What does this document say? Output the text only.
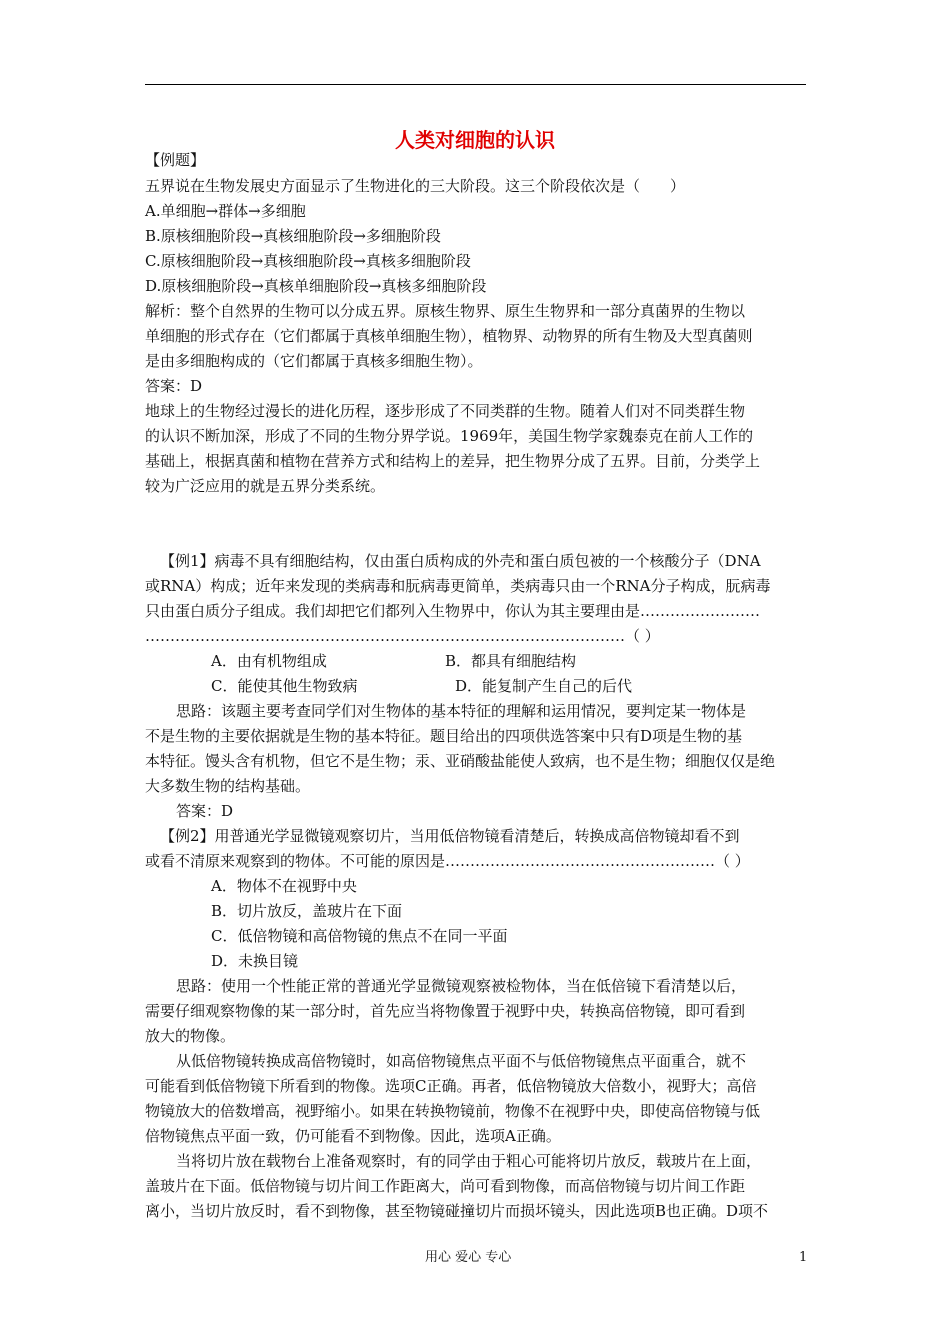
人类对细胞的认识
【例题】
五界说在生物发展史方面显示了生物进化的三大阶段。这三个阶段依次是（　　）
A.单细胞→群体→多细胞
B.原核细胞阶段→真核细胞阶段→多细胞阶段
C.原核细胞阶段→真核细胞阶段→真核多细胞阶段
D.原核细胞阶段→真核单细胞阶段→真核多细胞阶段
解析：整个自然界的生物可以分成五界。原核生物界、原生生物界和一部分真菌界的生物以
单细胞的形式存在（它们都属于真核单细胞生物），植物界、动物界的所有生物及大型真菌则
是由多细胞构成的（它们都属于真核多细胞生物）。
答案：D
地球上的生物经过漫长的进化历程，逐步形成了不同类群的生物。随着人们对不同类群生物
的认识不断加深，形成了不同的生物分界学说。1969年，美国生物学家魏泰克在前人工作的
基础上，根据真菌和植物在营养方式和结构上的差异，把生物界分成了五界。目前，分类学上
较为广泛应用的就是五界分类系统。
【例1】病毒不具有细胞结构，仅由蛋白质构成的外壳和蛋白质包被的一个核酸分子（DNA
或RNA）构成；近年来发现的类病毒和朊病毒更简单，类病毒只由一个RNA分子构成，朊病毒
只由蛋白质分子组成。我们却把它们都列入生物界中，你认为其主要理由是……………………
……………………………………………………………………………………（ ）
A．由有机物组成	B．都具有细胞结构
C．能使其他生物致病	D．能复制产生自己的后代
思路：该题主要考查同学们对生物体的基本特征的理解和运用情况，要判定某一物体是
不是生物的主要依据就是生物的基本特征。题目给出的四项供选答案中只有D项是生物的基
本特征。馒头含有机物，但它不是生物；汞、亚硝酸盐能使人致病，也不是生物；细胞仅仅是绝
大多数生物的结构基础。
答案：D
【例2】用普通光学显微镜观察切片，当用低倍物镜看清楚后，转换成高倍物镜却看不到
或看不清原来观察到的物体。不可能的原因是………………………………………………（ ）
A．物体不在视野中央
B．切片放反，盖玻片在下面
C．低倍物镜和高倍物镜的焦点不在同一平面
D．未换目镜
思路：使用一个性能正常的普通光学显微镜观察被检物体，当在低倍镜下看清楚以后，
需要仔细观察物像的某一部分时，首先应当将物像置于视野中央，转换高倍物镜，即可看到
放大的物像。
从低倍物镜转换成高倍物镜时，如高倍物镜焦点平面不与低倍物镜焦点平面重合，就不
可能看到低倍物镜下所看到的物像。选项C正确。再者，低倍物镜放大倍数小，视野大；高倍
物镜放大的倍数增高，视野缩小。如果在转换物镜前，物像不在视野中央，即使高倍物镜与低
倍物镜焦点平面一致，仍可能看不到物像。因此，选项A正确。
当将切片放在载物台上准备观察时，有的同学由于粗心可能将切片放反，载玻片在上面，
盖玻片在下面。低倍物镜与切片间工作距离大，尚可看到物像，而高倍物镜与切片间工作距
离小，当切片放反时，看不到物像，甚至物镜碰撞切片而损坏镜头，因此选项B也正确。D项不
用心 爱心 专心	1
